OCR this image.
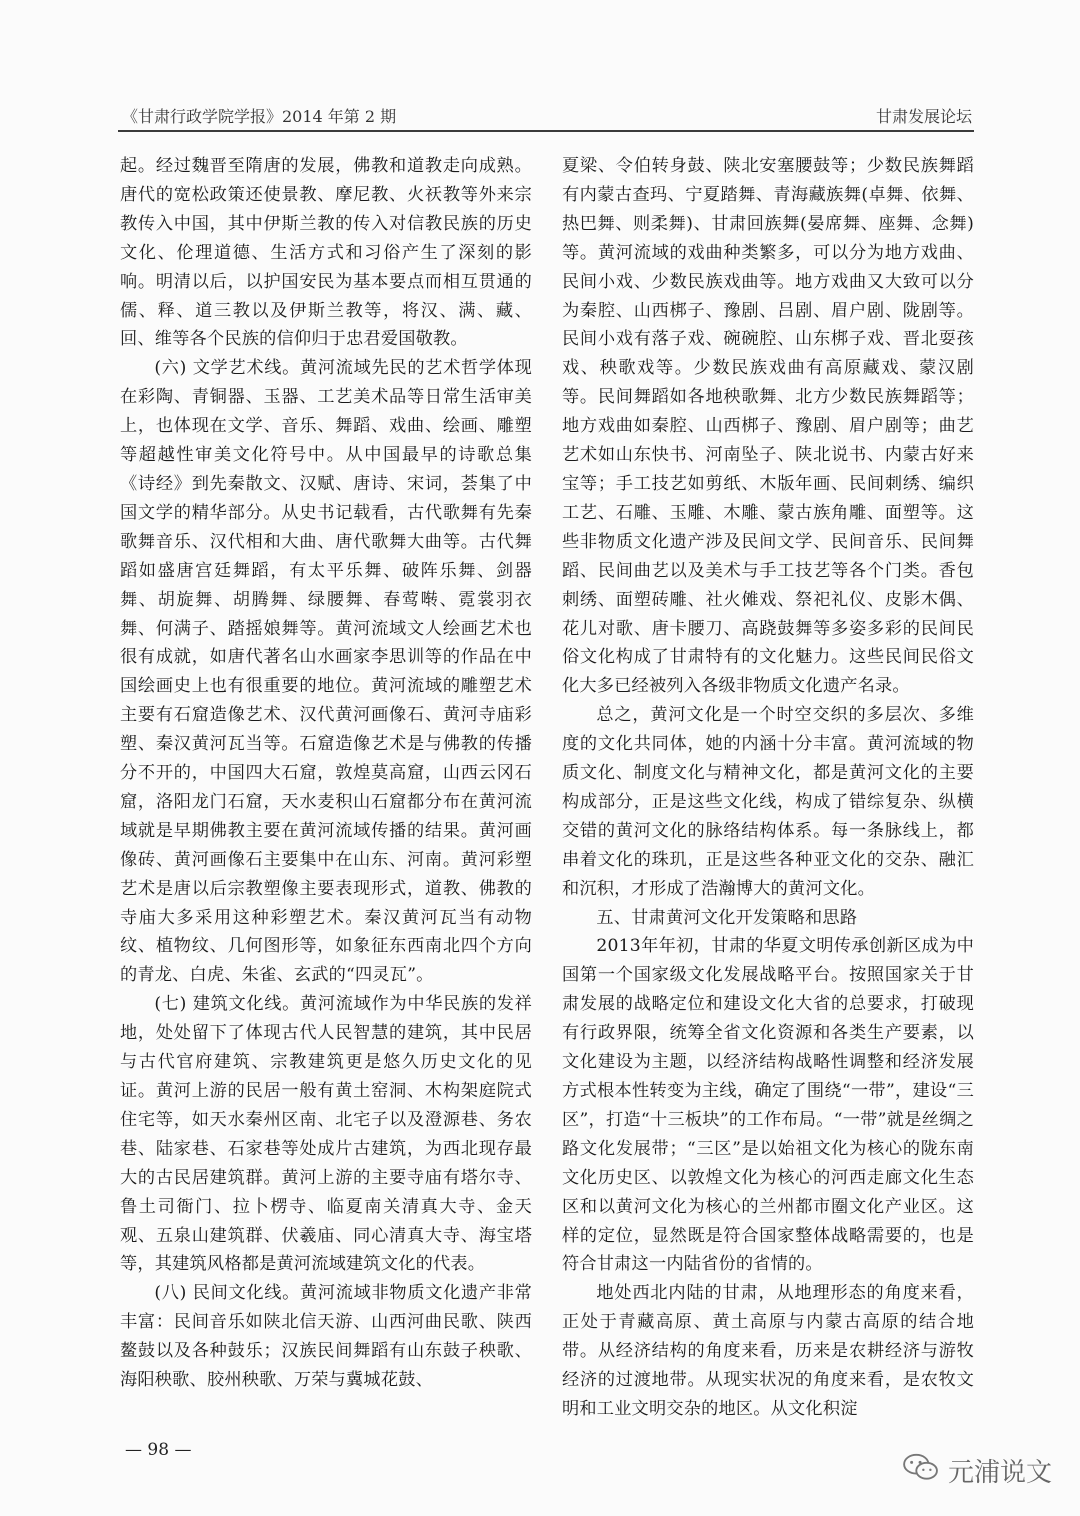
《甘肃行政学院学报》2014 年第 2 期	甘肃发展论坛

起。经过魏晋至隋唐的发展，佛教和道教走向成熟。唐代的宽松政策还使景教、摩尼教、火祆教等外来宗教传入中国，其中伊斯兰教的传入对信教民族的历史文化、伦理道德、生活方式和习俗产生了深刻的影响。明清以后，以护国安民为基本要点而相互贯通的儒、释、道三教以及伊斯兰教等，将汉、满、藏、回、维等各个民族的信仰归于忠君爱国敬教。

(六) 文学艺术线。黄河流域先民的艺术哲学体现在彩陶、青铜器、玉器、工艺美术品等日常生活审美上，也体现在文学、音乐、舞蹈、戏曲、绘画、雕塑等超越性审美文化符号中。从中国最早的诗歌总集《诗经》到先秦散文、汉赋、唐诗、宋词，荟集了中国文学的精华部分。从史书记载看，古代歌舞有先秦歌舞音乐、汉代相和大曲、唐代歌舞大曲等。古代舞蹈如盛唐宫廷舞蹈，有太平乐舞、破阵乐舞、剑器舞、胡旋舞、胡腾舞、绿腰舞、春莺啭、霓裳羽衣舞、何满子、踏摇娘舞等。黄河流域文人绘画艺术也很有成就，如唐代著名山水画家李思训等的作品在中国绘画史上也有很重要的地位。黄河流域的雕塑艺术主要有石窟造像艺术、汉代黄河画像石、黄河寺庙彩塑、秦汉黄河瓦当等。石窟造像艺术是与佛教的传播分不开的，中国四大石窟，敦煌莫高窟，山西云冈石窟，洛阳龙门石窟，天水麦积山石窟都分布在黄河流域就是早期佛教主要在黄河流域传播的结果。黄河画像砖、黄河画像石主要集中在山东、河南。黄河彩塑艺术是唐以后宗教塑像主要表现形式，道教、佛教的寺庙大多采用这种彩塑艺术。秦汉黄河瓦当有动物纹、植物纹、几何图形等，如象征东西南北四个方向的青龙、白虎、朱雀、玄武的“四灵瓦”。

(七) 建筑文化线。黄河流域作为中华民族的发祥地，处处留下了体现古代人民智慧的建筑，其中民居与古代官府建筑、宗教建筑更是悠久历史文化的见证。黄河上游的民居一般有黄土窑洞、木构架庭院式住宅等，如天水秦州区南、北宅子以及澄源巷、务农巷、陆家巷、石家巷等处成片古建筑，为西北现存最大的古民居建筑群。黄河上游的主要寺庙有塔尔寺、鲁土司衙门、拉卜楞寺、临夏南关清真大寺、金天观、五泉山建筑群、伏羲庙、同心清真大寺、海宝塔等，其建筑风格都是黄河流域建筑文化的代表。

(八) 民间文化线。黄河流域非物质文化遗产非常丰富：民间音乐如陕北信天游、山西河曲民歌、陕西鳌鼓以及各种鼓乐；汉族民间舞蹈有山东鼓子秧歌、海阳秧歌、胶州秧歌、万荣与冀城花鼓、

夏梁、令伯转身鼓、陕北安塞腰鼓等；少数民族舞蹈有内蒙古查玛、宁夏踏舞、青海藏族舞(卓舞、依舞、热巴舞、则柔舞)、甘肃回族舞(晏席舞、座舞、念舞)等。黄河流域的戏曲种类繁多，可以分为地方戏曲、民间小戏、少数民族戏曲等。地方戏曲又大致可以分为秦腔、山西梆子、豫剧、吕剧、眉户剧、陇剧等。民间小戏有落子戏、碗碗腔、山东梆子戏、晋北耍孩戏、秧歌戏等。少数民族戏曲有高原藏戏、蒙汉剧等。民间舞蹈如各地秧歌舞、北方少数民族舞蹈等；地方戏曲如秦腔、山西梆子、豫剧、眉户剧等；曲艺艺术如山东快书、河南坠子、陕北说书、内蒙古好来宝等；手工技艺如剪纸、木版年画、民间刺绣、编织工艺、石雕、玉雕、木雕、蒙古族角雕、面塑等。这些非物质文化遗产涉及民间文学、民间音乐、民间舞蹈、民间曲艺以及美术与手工技艺等各个门类。香包刺绣、面塑砖雕、社火傩戏、祭祀礼仪、皮影木偶、花儿对歌、唐卡腰刀、高跷鼓舞等多姿多彩的民间民俗文化构成了甘肃特有的文化魅力。这些民间民俗文化大多已经被列入各级非物质文化遗产名录。

总之，黄河文化是一个时空交织的多层次、多维度的文化共同体，她的内涵十分丰富。黄河流域的物质文化、制度文化与精神文化，都是黄河文化的主要构成部分，正是这些文化线，构成了错综复杂、纵横交错的黄河文化的脉络结构体系。每一条脉线上，都串着文化的珠玑，正是这些各种亚文化的交杂、融汇和沉积，才形成了浩瀚博大的黄河文化。

五、甘肃黄河文化开发策略和思路

2013年年初，甘肃的华夏文明传承创新区成为中国第一个国家级文化发展战略平台。按照国家关于甘肃发展的战略定位和建设文化大省的总要求，打破现有行政界限，统筹全省文化资源和各类生产要素，以文化建设为主题，以经济结构战略性调整和经济发展方式根本性转变为主线，确定了围绕“一带”，建设“三区”，打造“十三板块”的工作布局。“一带”就是丝绸之路文化发展带；“三区”是以始祖文化为核心的陇东南文化历史区、以敦煌文化为核心的河西走廊文化生态区和以黄河文化为核心的兰州都市圈文化产业区。这样的定位，显然既是符合国家整体战略需要的，也是符合甘肃这一内陆省份的省情的。

地处西北内陆的甘肃，从地理形态的角度来看，正处于青藏高原、黄土高原与内蒙古高原的结合地带。从经济结构的角度来看，历来是农耕经济与游牧经济的过渡地带。从现实状况的角度来看，是农牧文明和工业文明交杂的地区。从文化积淀

— 98 —
元浦说文
